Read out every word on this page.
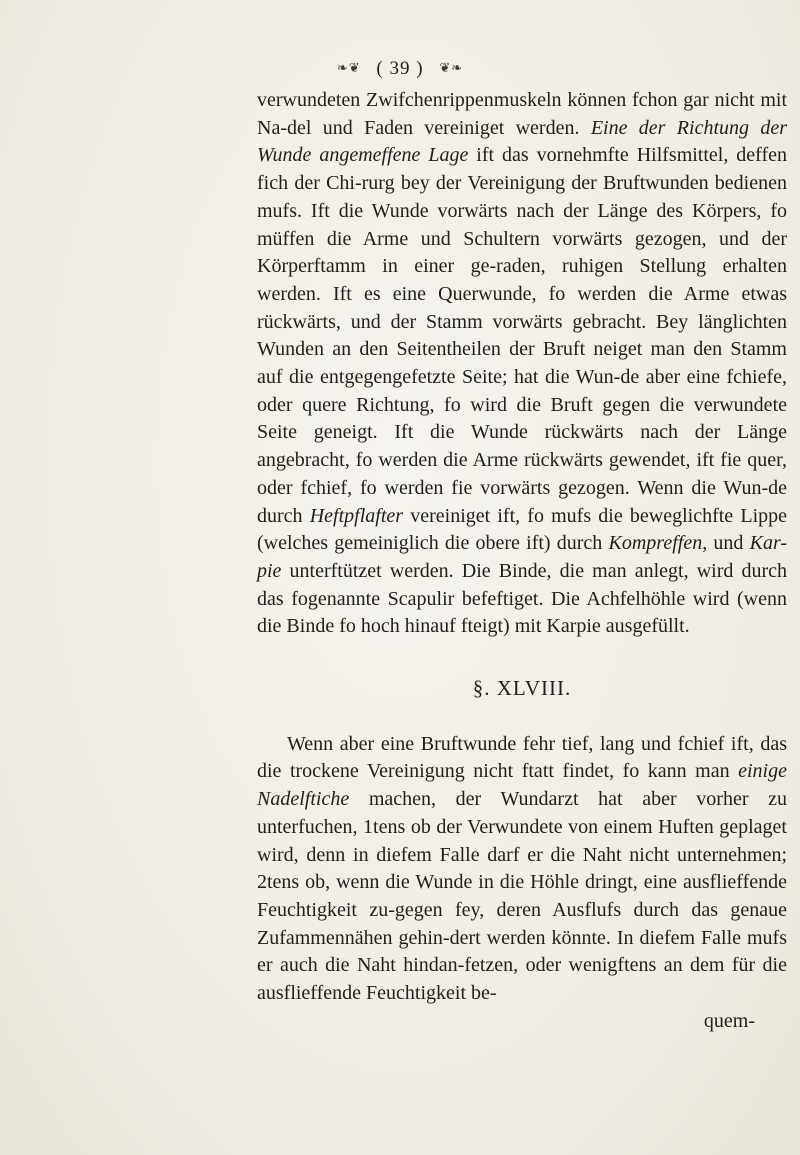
❧❦ ( 39 ) ❦❧
verwundeten Zwifchenrippenmuskeln können fchon gar nicht mit Na-del und Faden vereiniget werden. Eine der Richtung der Wunde angemeffene Lage ift das vornehmfte Hilfsmittel, deffen fich der Chi-rurg bey der Vereinigung der Bruftwunden bedienen mufs. Ift die Wunde vorwärts nach der Länge des Körpers, fo müffen die Arme und Schultern vorwärts gezogen, und der Körperftamm in einer ge-raden, ruhigen Stellung erhalten werden. Ift es eine Querwunde, fo werden die Arme etwas rückwärts, und der Stamm vorwärts gebracht. Bey länglichten Wunden an den Seitentheilen der Bruft neiget man den Stamm auf die entgegengefetzte Seite; hat die Wun-de aber eine fchiefe, oder quere Richtung, fo wird die Bruft gegen die verwundete Seite geneigt. Ift die Wunde rückwärts nach der Länge angebracht, fo werden die Arme rückwärts gewendet, ift fie quer, oder fchief, fo werden fie vorwärts gezogen. Wenn die Wun-de durch Heftpflafter vereiniget ift, fo mufs die beweglichfte Lippe (welches gemeiniglich die obere ift) durch Kompreffen, und Kar-pie unterftützet werden. Die Binde, die man anlegt, wird durch das fogenannte Scapulir befeftiget. Die Achfelhöhle wird (wenn die Binde fo hoch hinauf fteigt) mit Karpie ausgefüllt.
§. XLVIII.
Wenn aber eine Bruftwunde fehr tief, lang und fchief ift, das die trockene Vereinigung nicht ftatt findet, fo kann man einige Nadelftiche machen, der Wundarzt hat aber vorher zu unterfuchen, 1tens ob der Verwundete von einem Huften geplaget wird, denn in diefem Falle darf er die Naht nicht unternehmen; 2tens ob, wenn die Wunde in die Höhle dringt, eine ausflieffende Feuchtigkeit zu-gegen fey, deren Ausflufs durch das genaue Zufammennähen gehin-dert werden könnte. In diefem Falle mufs er auch die Naht hindan-fetzen, oder wenigftens an dem für die ausflieffende Feuchtigkeit be-
quem-
